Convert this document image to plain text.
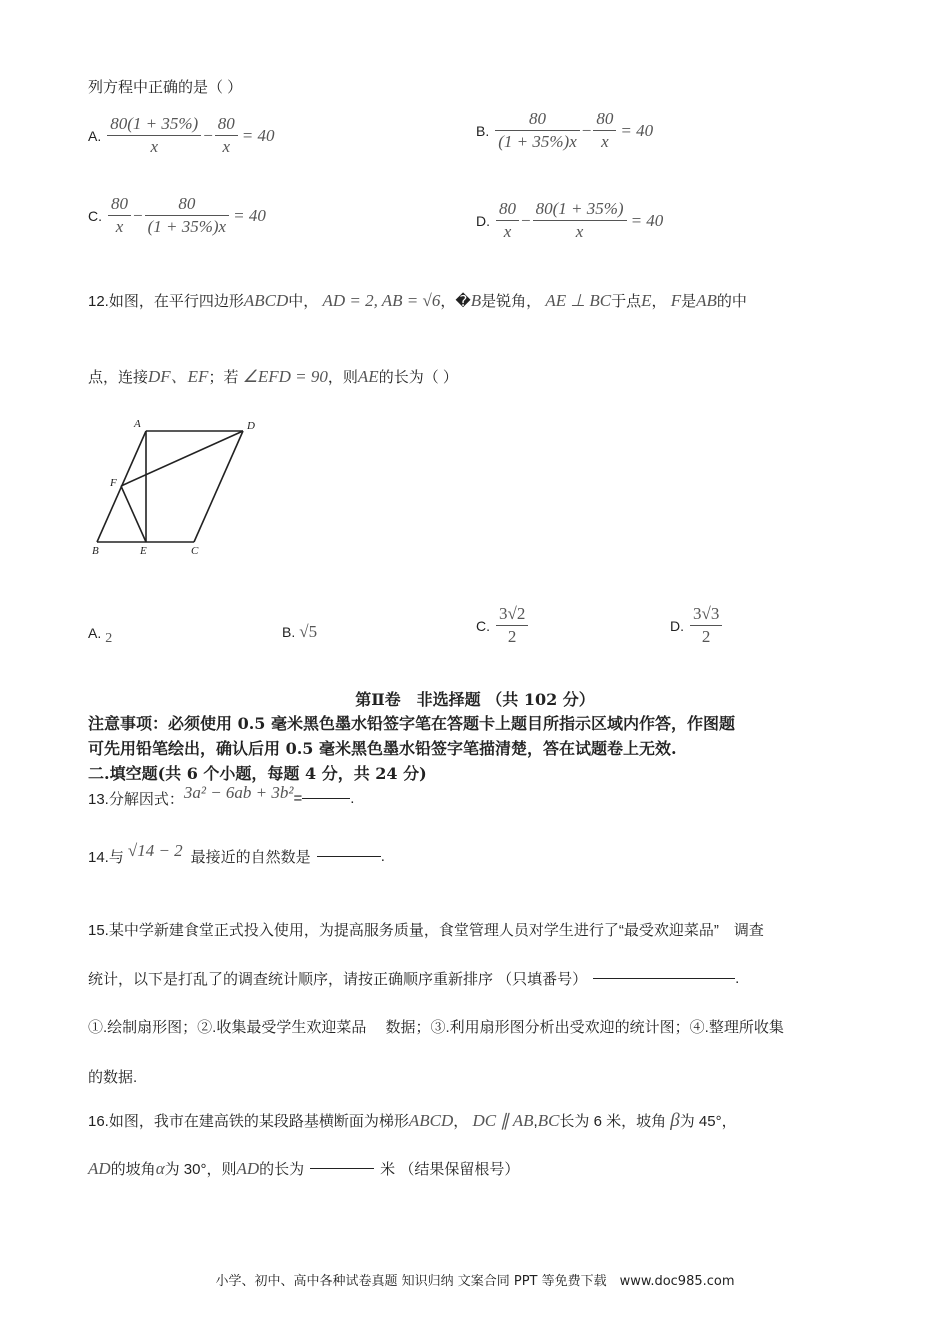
列方程中正确的是（ ）
A. $\frac{80(1 + 35\%)}{x} - \frac{80}{x} = 40$	B. $\frac{80}{(1 + 35\%)x} - \frac{80}{x} = 40$
C. $\frac{80}{x} - \frac{80}{(1 + 35\%)x} = 40$	D. $\frac{80}{x} - \frac{80(1 + 35\%)}{x} = 40$
12.如图，在平行四边形ABCD中， AD = 2, AB = √6，�B是锐角， AE ⊥ BC于点E， F是AB的中
点，连接DF、EF；若 ∠EFD = 90，则AE的长为（ ）
A	D
F
B	E	C
A. 2	B. √5	C. $\frac{3√2}{2}$	D. $\frac{3√3}{2}$
第Ⅱ卷　非选择题 （共 102 分）
注意事项：必须使用 0.5 毫米黑色墨水铅签字笔在答题卡上题目所指示区域内作答，作图题
可先用铅笔绘出，确认后用 0.5 毫米黑色墨水铅签字笔描清楚，答在试题卷上无效.
二.填空题(共 6 个小题，每题 4 分，共 24 分)
13.分解因式： 3a² − 6ab + 3b² =	.
14.与 √14 − 2 最接近的自然数是	.
15.某中学新建食堂正式投入使用，为提高服务质量，食堂管理人员对学生进行了“最受欢迎菜品”　调查
统计，以下是打乱了的调查统计顺序，请按正确顺序重新排序 （只填番号）	.
①.绘制扇形图；②.收集最受学生欢迎菜品　 数据；③.利用扇形图分析出受欢迎的统计图；④.整理所收集
的数据.
16.如图，我市在建高铁的某段路基横断面为梯形ABCD， DC ∥ AB,BC长为 6 米，坡角 β为 45°，
AD 的坡角 α 为 30°，则 AD 的长为	米 （结果保留根号）
小学、初中、高中各种试卷真题 知识归纳 文案合同 PPT 等免费下载　www.doc985.com
